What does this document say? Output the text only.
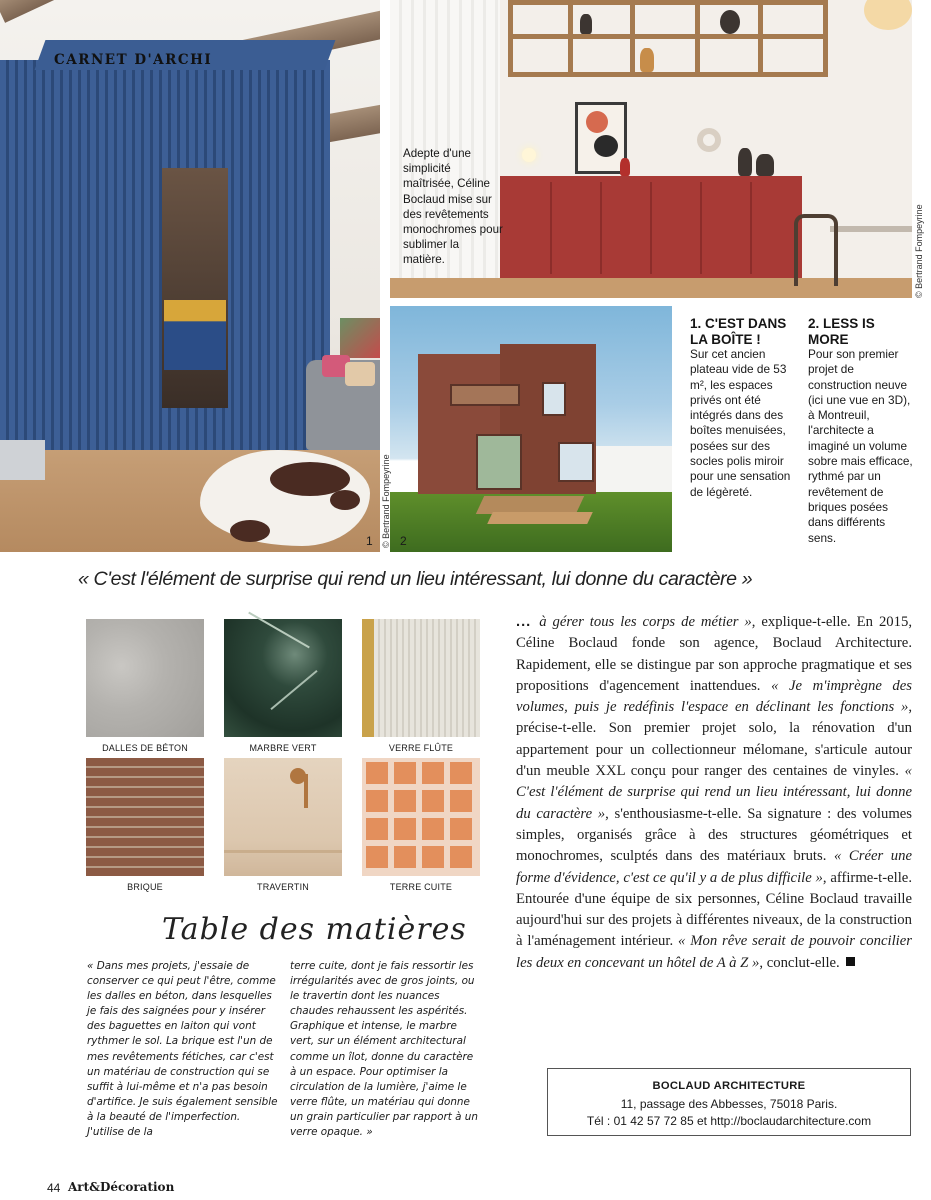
CARNET D'ARCHI
Adepte d'une simplicité maîtrisée, Céline Boclaud mise sur des revêtements monochromes pour sublimer la matière.	© Bertrand Fompeyrine
© Bertrand Fompeyrine
1 2
1. C'EST DANS LA BOÎTE !
Sur cet ancien plateau vide de 53 m², les espaces privés ont été intégrés dans des boîtes menuisées, posées sur des socles polis miroir pour une sensation de légèreté.
2. LESS IS MORE
Pour son premier projet de construction neuve (ici une vue en 3D), à Montreuil, l'architecte a imaginé un volume sobre mais efficace, rythmé par un revêtement de briques posées dans différents sens.
« C'est l'élément de surprise qui rend un lieu intéressant, lui donne du caractère »
DALLES DE BÉTON	MARBRE VERT	VERRE FLÛTE
BRIQUE	TRAVERTIN	TERRE CUITE
Table des matières
« Dans mes projets, j'essaie de conserver ce qui peut l'être, comme les dalles en béton, dans lesquelles je fais des saignées pour y insérer des baguettes en laiton qui vont rythmer le sol. La brique est l'un de mes revêtements fétiches, car c'est un matériau de construction qui se suffit à lui-même et n'a pas besoin d'artifice. Je suis également sensible à la beauté de l'imperfection. J'utilise de la
terre cuite, dont je fais ressortir les irrégularités avec de gros joints, ou le travertin dont les nuances chaudes rehaussent les aspérités. Graphique et intense, le marbre vert, sur un élément architectural comme un îlot, donne du caractère à un espace. Pour optimiser la circulation de la lumière, j'aime le verre flûte, un matériau qui donne un grain particulier par rapport à un verre opaque. »
... à gérer tous les corps de métier », explique-t-elle. En 2015, Céline Boclaud fonde son agence, Boclaud Architecture. Rapidement, elle se distingue par son approche pragmatique et ses propositions d'agencement inattendues. « Je m'imprègne des volumes, puis je redéfinis l'espace en déclinant les fonctions », précise-t-elle. Son premier projet solo, la rénovation d'un appartement pour un collectionneur mélomane, s'articule autour d'un meuble XXL conçu pour ranger des centaines de vinyles. « C'est l'élément de surprise qui rend un lieu intéressant, lui donne du caractère », s'enthousiasme-t-elle. Sa signature : des volumes simples, organisés grâce à des structures géométriques et monochromes, sculptés dans des matériaux bruts. « Créer une forme d'évidence, c'est ce qu'il y a de plus difficile », affirme-t-elle. Entourée d'une équipe de six personnes, Céline Boclaud travaille aujourd'hui sur des projets à différentes niveaux, de la construction à l'aménagement intérieur. « Mon rêve serait de pouvoir concilier les deux en concevant un hôtel de A à Z », conclut-elle.
BOCLAUD ARCHITECTURE
11, passage des Abbesses, 75018 Paris.
Tél : 01 42 57 72 85 et http://boclaudarchitecture.com
44 Art&Décoration
